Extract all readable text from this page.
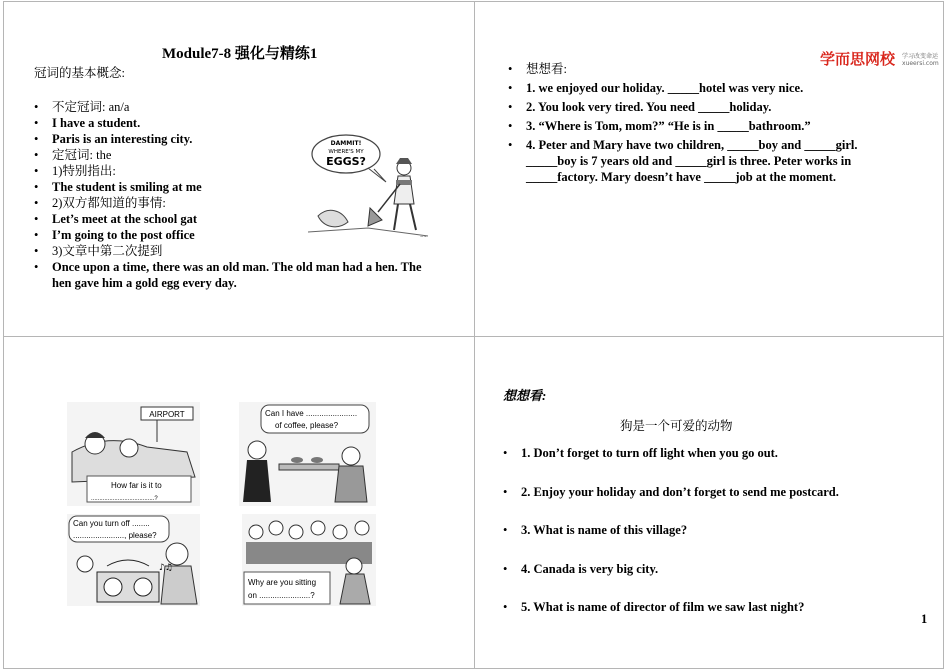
Module7-8 强化与精练1
冠词的基本概念:
• 不定冠词: an/a
• I have a student.
• Paris is an interesting city.
• 定冠词: the
• 1)特别指出:
• The student is smiling at me
• 2)双方都知道的事情:
• Let’s meet at the school gat
• I’m going to the post office
• 3)文章中第二次提到
• Once upon a time, there was an old man. The old man had a hen. The hen gave him a gold egg every day.
DAMMIT!
WHERE'S MY
EGGS?
~~
学而思网校 学习改变命运
xueersi.com
• 想想看:
• 1. we enjoyed our holiday. _____hotel was very nice.
• 2. You look very tired. You need _____holiday.
• 3. “Where is Tom, mom?” “He is in _____bathroom.”
• 4. Peter and Mary have two children, _____boy and _____girl. _____boy is 7 years old and _____girl is three. Peter works in _____factory. Mary doesn’t have _____job at the moment.
AIRPORT
How far is it to
......................................?
Can I have .......................
of coffee, please?
Can you turn off ........
......................., please?
♪♫
Why are you sitting
on .......................?
想想看:
狗是一个可爱的动物
• 1. Don’t forget to turn off light when you go out.
• 2. Enjoy your holiday and don’t forget to send me postcard.
• 3. What is name of this village?
• 4. Canada is very big city.
• 5. What is name of director of film we saw last night?
1
